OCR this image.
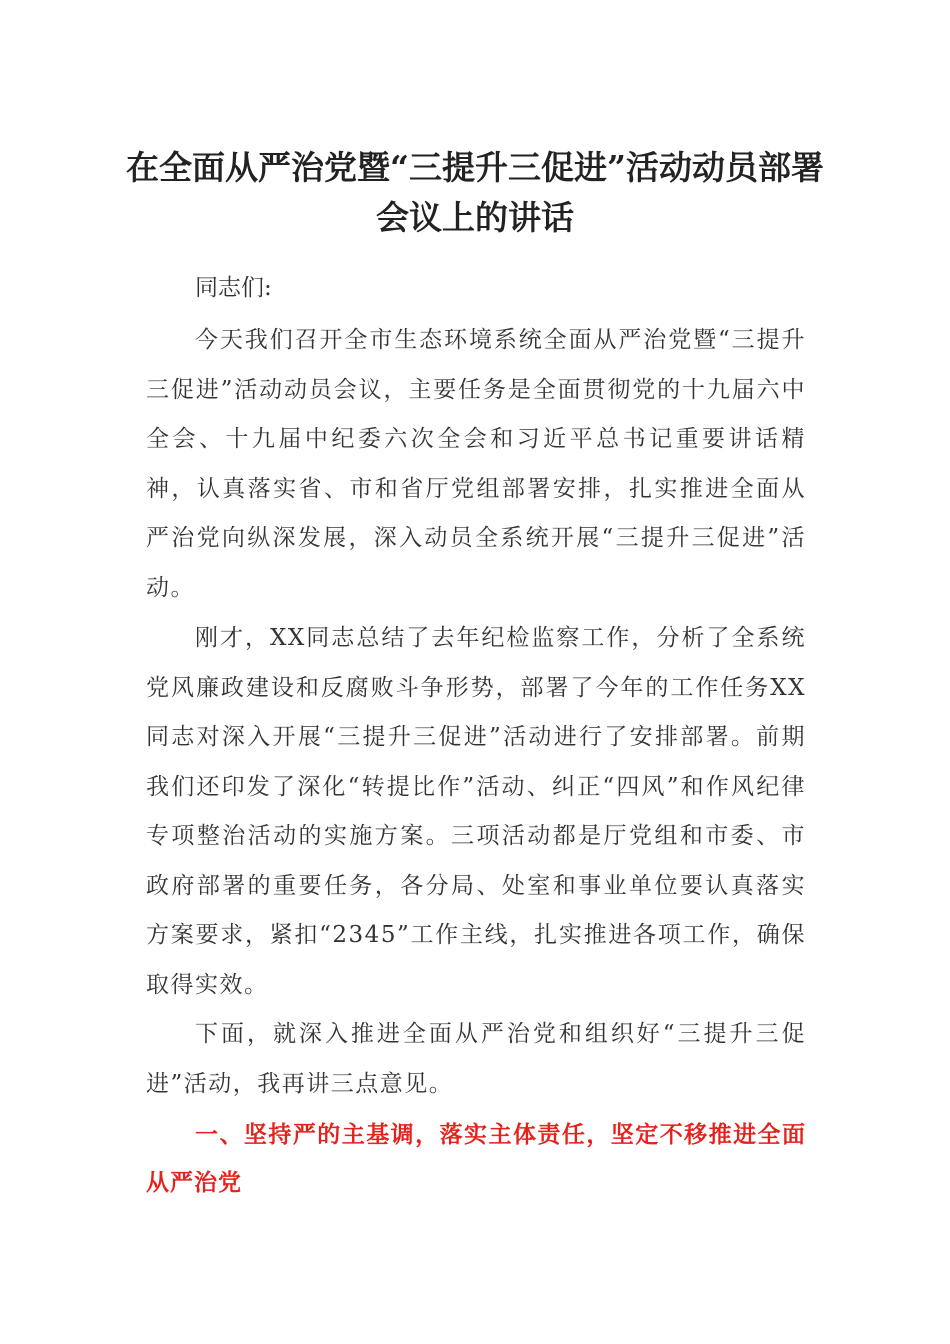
在全面从严治党暨“三提升三促进”活动动员部署会议上的讲话
同志们:
今天我们召开全市生态环境系统全面从严治党暨“三提升三促进”活动动员会议，主要任务是全面贯彻党的十九届六中全会、十九届中纪委六次全会和习近平总书记重要讲话精神，认真落实省、市和省厅党组部署安排，扎实推进全面从严治党向纵深发展，深入动员全系统开展“三提升三促进”活动。
刚才，XX同志总结了去年纪检监察工作，分析了全系统党风廉政建设和反腐败斗争形势，部署了今年的工作任务XX同志对深入开展“三提升三促进”活动进行了安排部署。前期我们还印发了深化“转提比作”活动、纠正“四风”和作风纪律专项整治活动的实施方案。三项活动都是厅党组和市委、市政府部署的重要任务，各分局、处室和事业单位要认真落实方案要求，紧扣“2345”工作主线，扎实推进各项工作，确保取得实效。
下面，就深入推进全面从严治党和组织好“三提升三促进”活动，我再讲三点意见。
一、坚持严的主基调，落实主体责任，坚定不移推进全面从严治党
